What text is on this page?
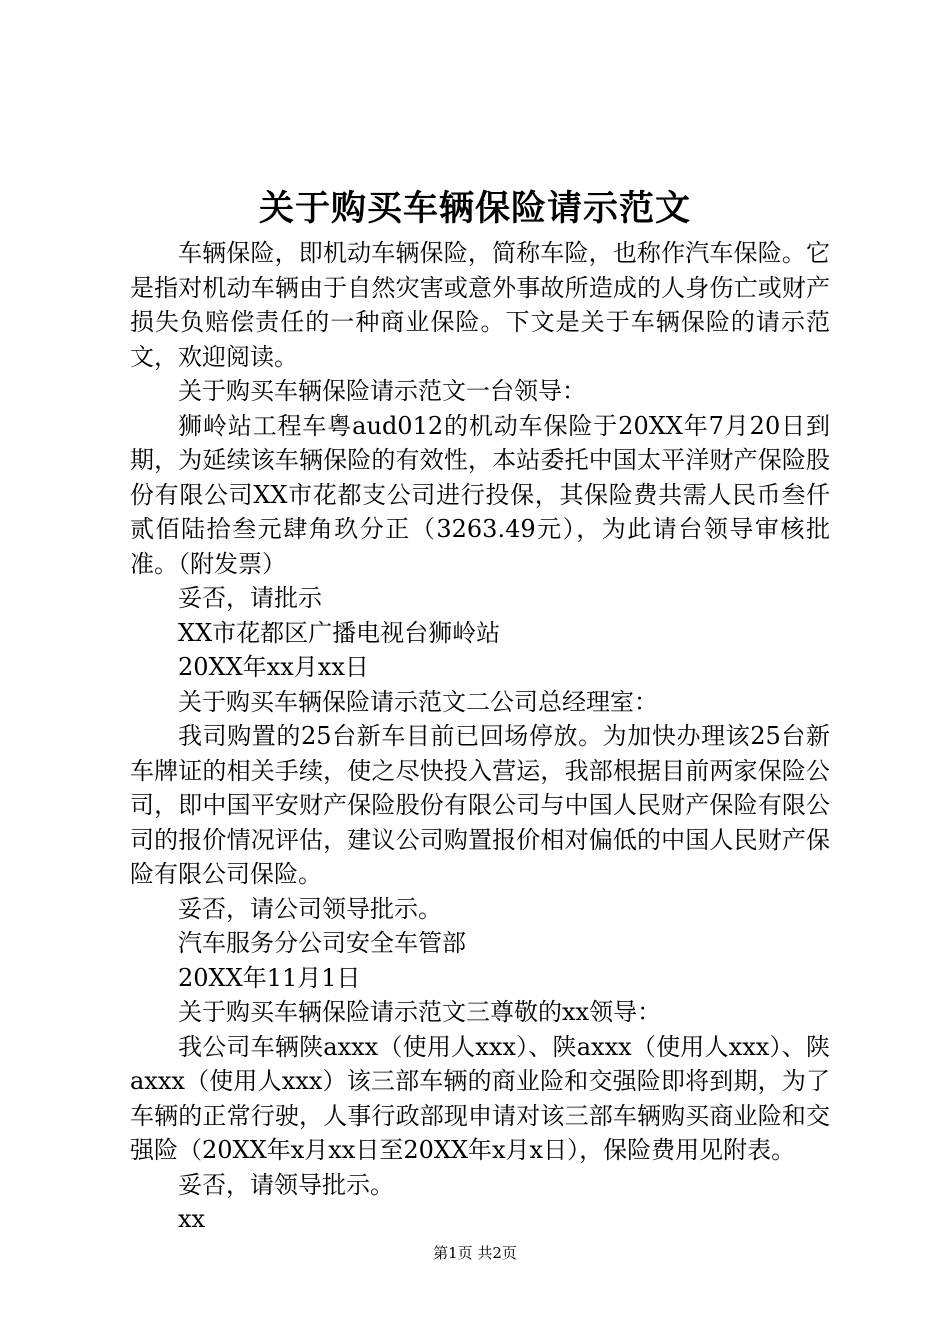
关于购买车辆保险请示范文

车辆保险，即机动车辆保险，简称车险，也称作汽车保险。它是指对机动车辆由于自然灾害或意外事故所造成的人身伤亡或财产损失负赔偿责任的一种商业保险。下文是关于车辆保险的请示范文，欢迎阅读。

关于购买车辆保险请示范文一台领导：

狮岭站工程车粤aud012的机动车保险于20XX年7月20日到期，为延续该车辆保险的有效性，本站委托中国太平洋财产保险股份有限公司XX市花都支公司进行投保，其保险费共需人民币叁仟贰佰陆拾叁元肆角玖分正（3263.49元），为此请台领导审核批准。（附发票）

妥否，请批示

XX市花都区广播电视台狮岭站

20XX年xx月xx日

关于购买车辆保险请示范文二公司总经理室：

我司购置的25台新车目前已回场停放。为加快办理该25台新车牌证的相关手续，使之尽快投入营运，我部根据目前两家保险公司，即中国平安财产保险股份有限公司与中国人民财产保险有限公司的报价情况评估，建议公司购置报价相对偏低的中国人民财产保险有限公司保险。

妥否，请公司领导批示。

汽车服务分公司安全车管部

20XX年11月1日

关于购买车辆保险请示范文三尊敬的xx领导：

我公司车辆陕axxx（使用人xxx）、陕axxx（使用人xxx）、陕axxx（使用人xxx）该三部车辆的商业险和交强险即将到期，为了车辆的正常行驶，人事行政部现申请对该三部车辆购买商业险和交强险（20XX年x月xx日至20XX年x月x日），保险费用见附表。

妥否，请领导批示。

xx

第1页 共2页
